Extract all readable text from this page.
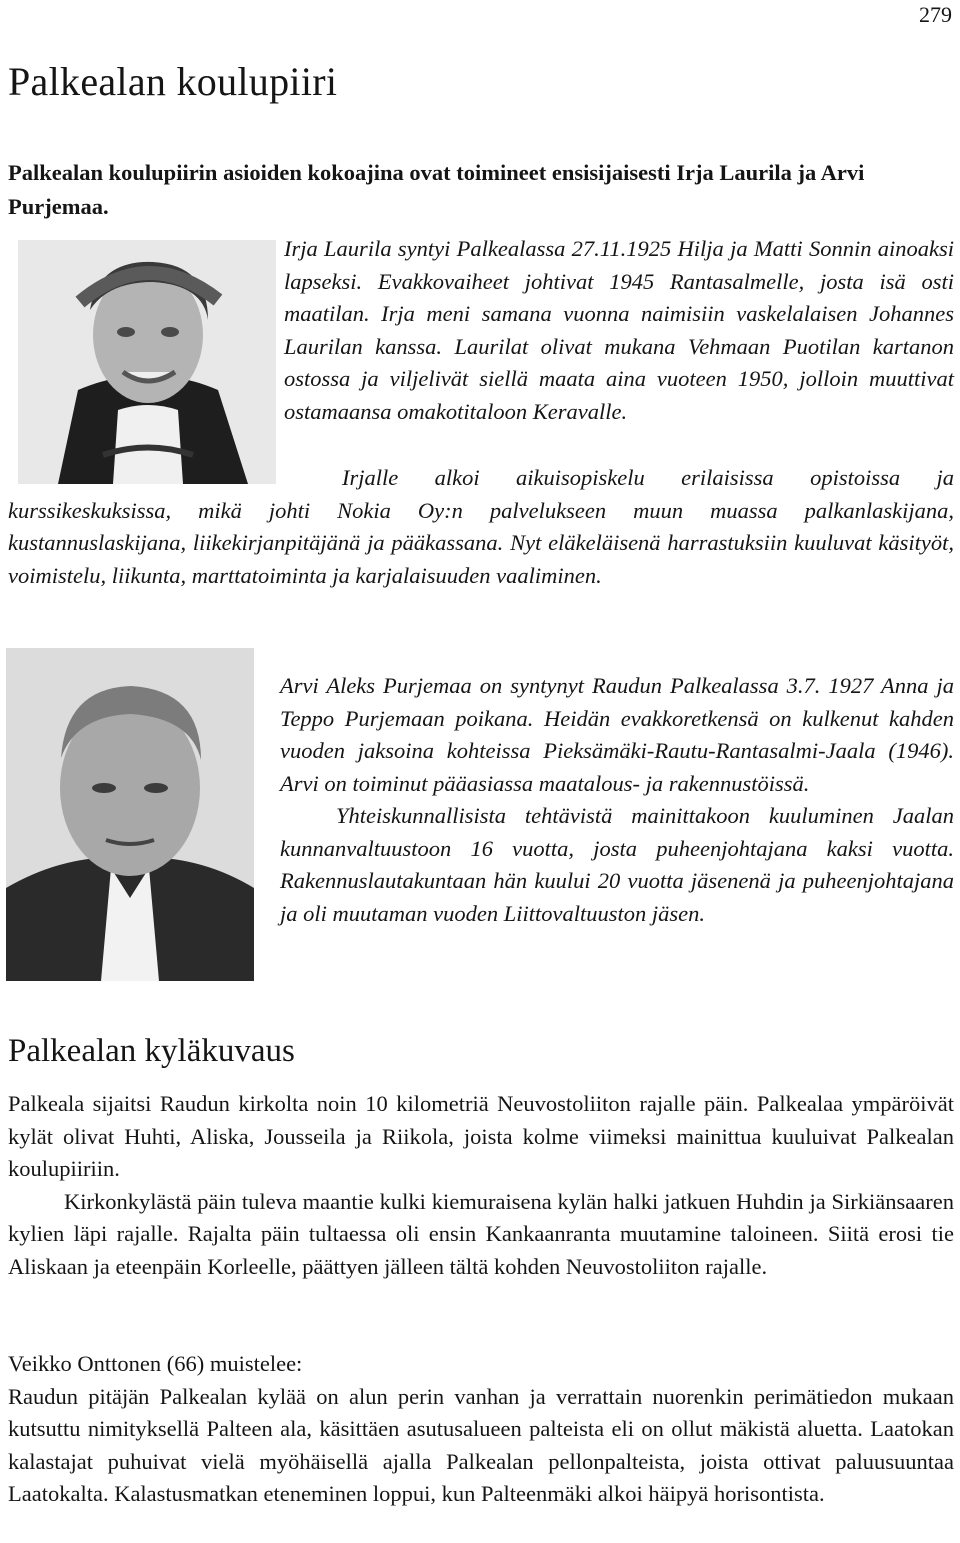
279
Palkealan koulupiiri

Palkealan koulupiirin asioiden kokoajina ovat toimineet ensisijaisesti Irja Laurila ja Arvi Purjemaa.

Irja Laurila syntyi Palkealassa 27.11.1925 Hilja ja Matti Sonnin ainoaksi lapseksi. Evakkovaiheet johtivat 1945 Rantasalmelle, josta isä osti maatilan. Irja meni samana vuonna naimisiin vaskelalaisen Johannes Laurilan kanssa. Laurilat olivat mukana Vehmaan Puotilan kartanon ostossa ja viljelivät siellä maata aina vuoteen 1950, jolloin muuttivat ostamaansa omakotitaloon Keravalle.

Irjalle alkoi aikuisopiskelu erilaisissa opistoissa ja kurssikeskuksissa, mikä johti Nokia Oy:n palvelukseen muun muassa palkanlaskijana, kustannuslaskijana, liikekirjanpitäjänä ja pääkassana. Nyt eläkeläisenä harrastuksiin kuuluvat käsityöt, voimistelu, liikunta, marttatoiminta ja karjalaisuuden vaaliminen.

Arvi Aleks Purjemaa on syntynyt Raudun Palkealassa 3.7. 1927 Anna ja Teppo Purjemaan poikana. Heidän evakkoretkensä on kulkenut kahden vuoden jaksoina kohteissa Pieksämäki-Rautu-Rantasalmi-Jaala (1946). Arvi on toiminut pääasiassa maatalous- ja rakennustöissä.

Yhteiskunnallisista tehtävistä mainittakoon kuuluminen Jaalan kunnanvaltuustoon 16 vuotta, josta puheenjohtajana kaksi vuotta. Rakennuslautakuntaan hän kuului 20 vuotta jäsenenä ja puheenjohtajana ja oli muutaman vuoden Liittovaltuuston jäsen.

Palkealan kyläkuvaus

Palkeala sijaitsi Raudun kirkolta noin 10 kilometriä Neuvostoliiton rajalle päin. Palkealaa ympäröivät kylät olivat Huhti, Aliska, Jousseila ja Riikola, joista kolme viimeksi mainittua kuuluivat Palkealan koulupiiriin.

Kirkonkylästä päin tuleva maantie kulki kiemuraisena kylän halki jatkuen Huhdin ja Sirkiänsaaren kylien läpi rajalle. Rajalta päin tultaessa oli ensin Kankaanranta muutamine taloineen. Siitä erosi tie Aliskaan ja eteenpäin Korleelle, päättyen jälleen tältä kohden Neuvostoliiton rajalle.

Veikko Onttonen (66) muistelee:

Raudun pitäjän Palkealan kylää on alun perin vanhan ja verrattain nuorenkin perimätiedon mukaan kutsuttu nimityksellä Palteen ala, käsittäen asutusalueen palteista eli on ollut mäkistä aluetta. Laatokan kalastajat puhuivat vielä myöhäisellä ajalla Palkealan pellonpalteista, joista ottivat paluusuuntaa Laatokalta. Kalastusmatkan eteneminen loppui, kun Palteenmäki alkoi häipyä horisontista.
